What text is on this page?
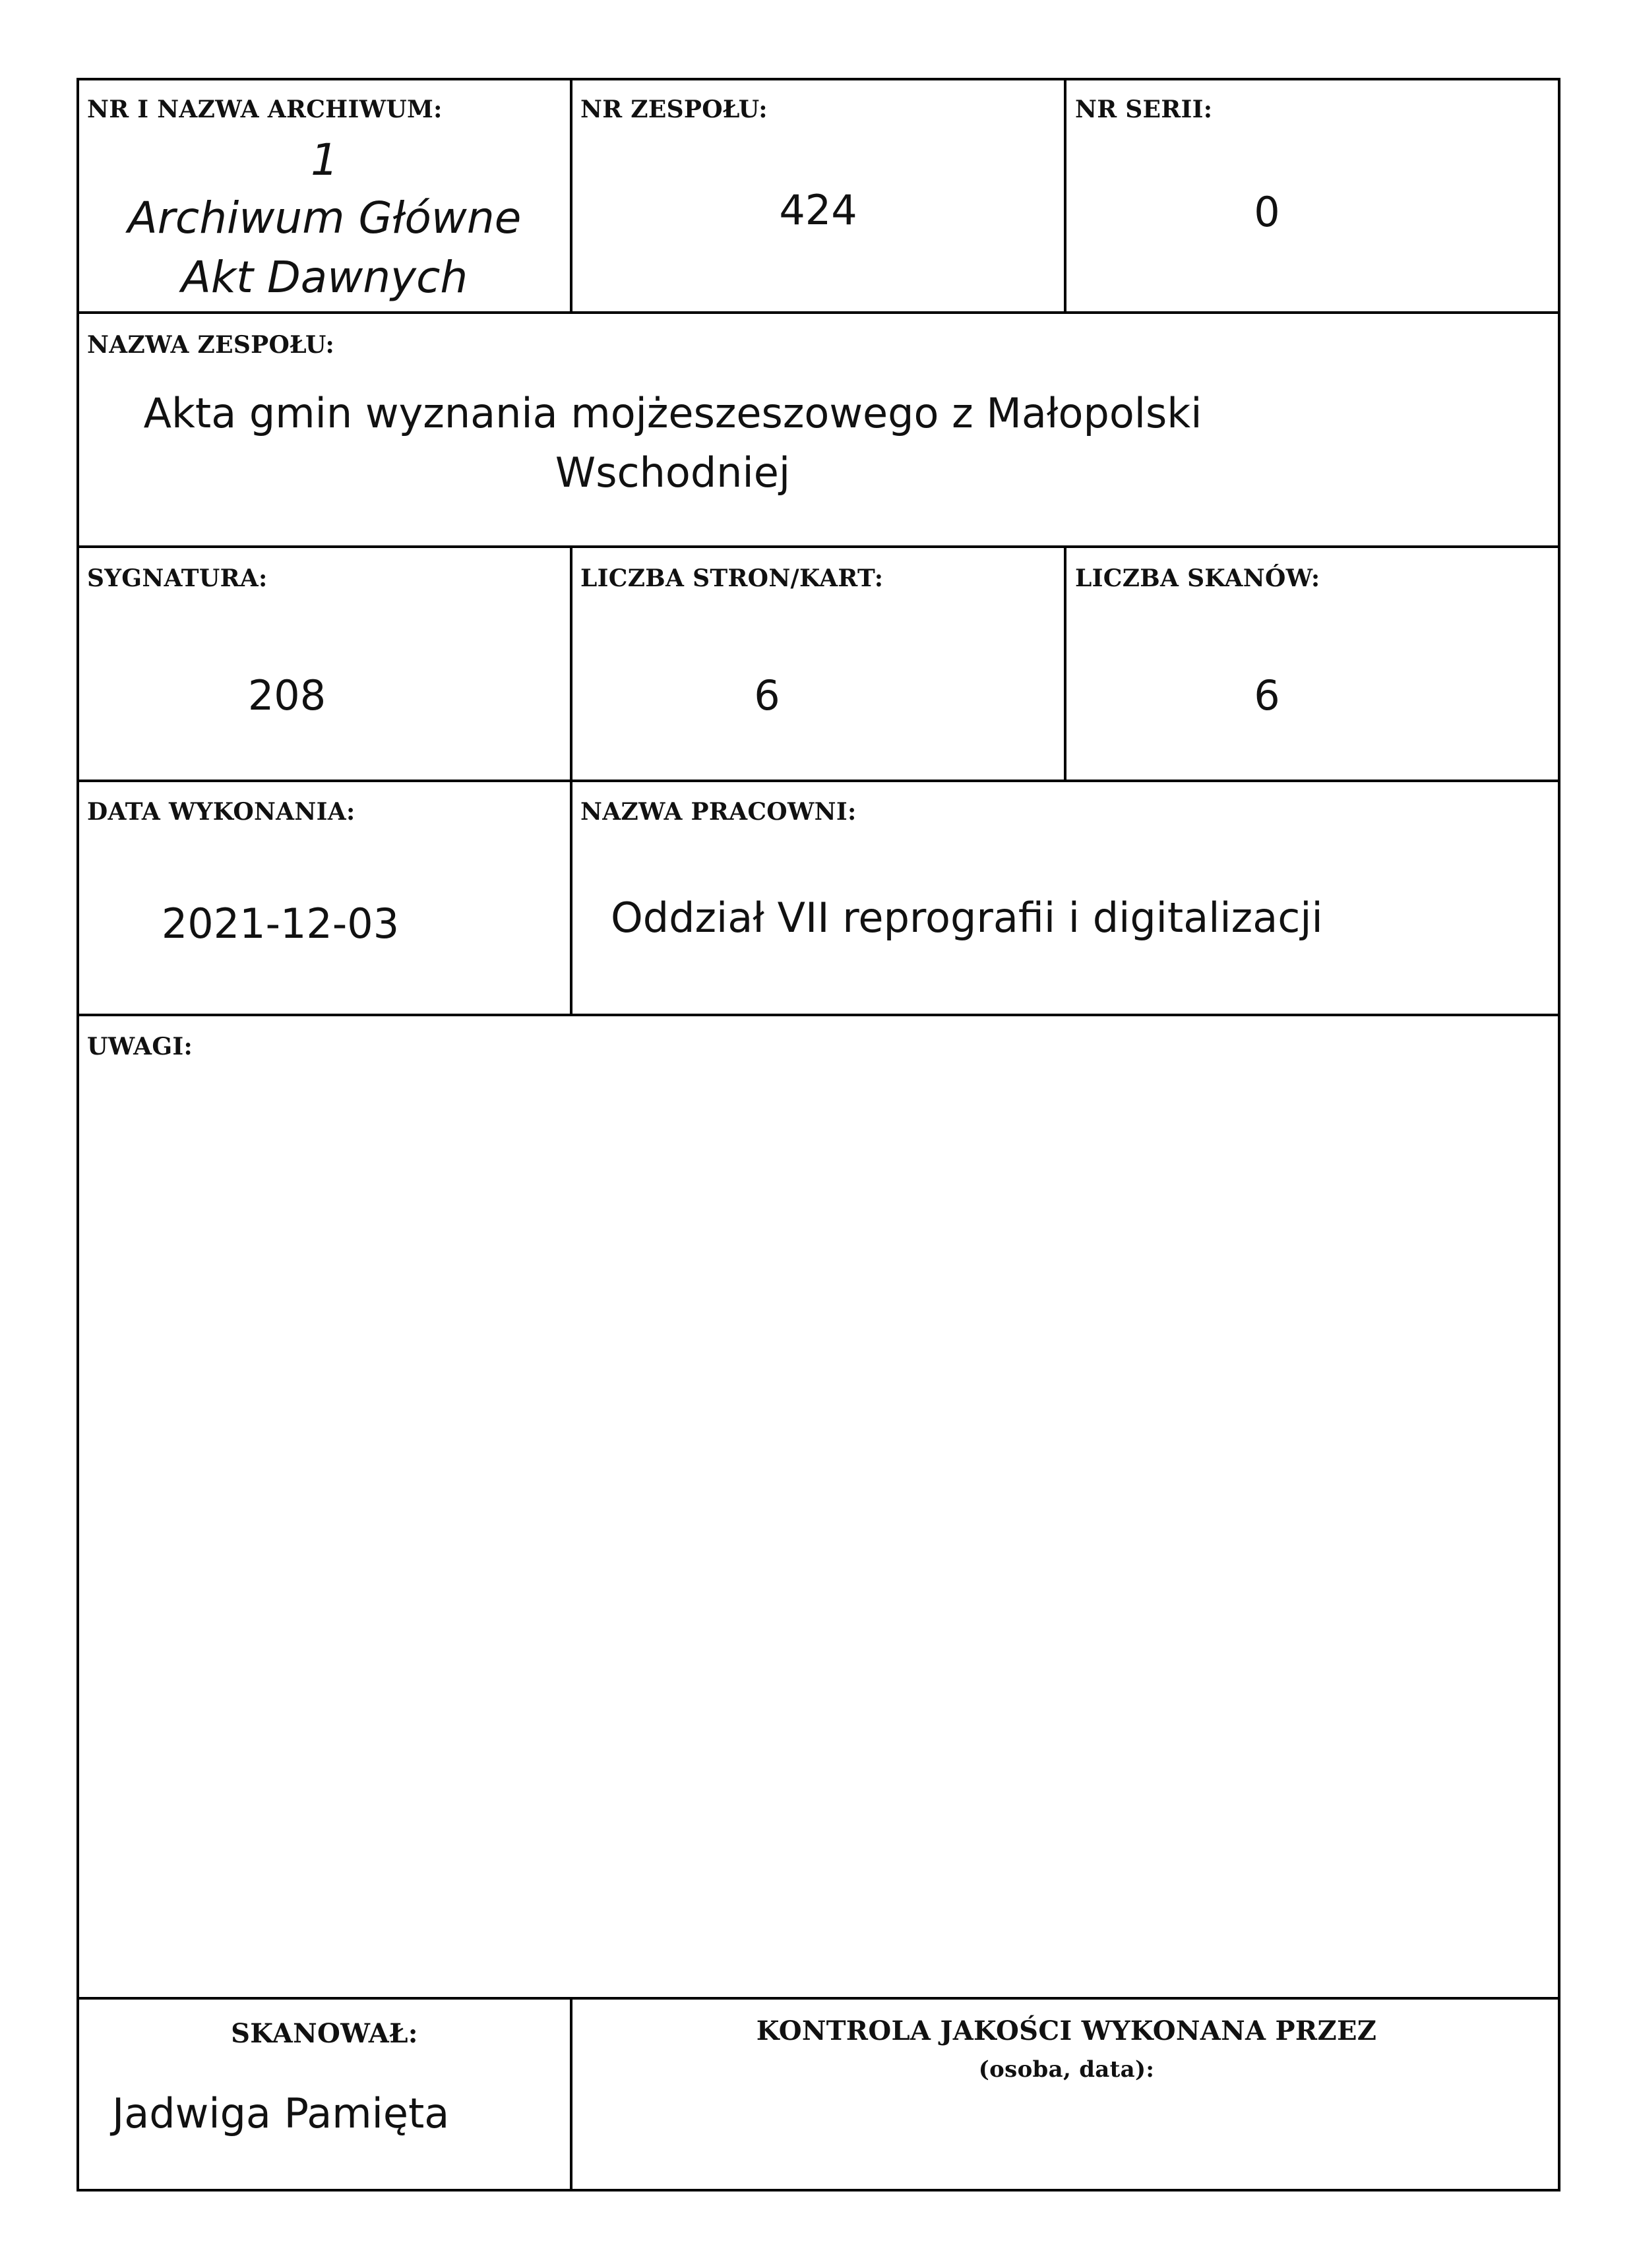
NR I NAZWA ARCHIWUM:
1
Archiwum Główne
Akt Dawnych
NR ZESPOŁU:
424
NR SERII:
0
NAZWA ZESPOŁU:
Akta gmin wyznania mojżeszeszowego z Małopolski
Wschodniej
SYGNATURA:
208
LICZBA STRON/KART:
6
LICZBA SKANÓW:
6
DATA WYKONANIA:
2021-12-03
NAZWA PRACOWNI:
Oddział VII reprografii i digitalizacji
UWAGI:
SKANOWAŁ:
Jadwiga Pamięta
KONTROLA JAKOŚCI WYKONANA PRZEZ
(osoba, data):
